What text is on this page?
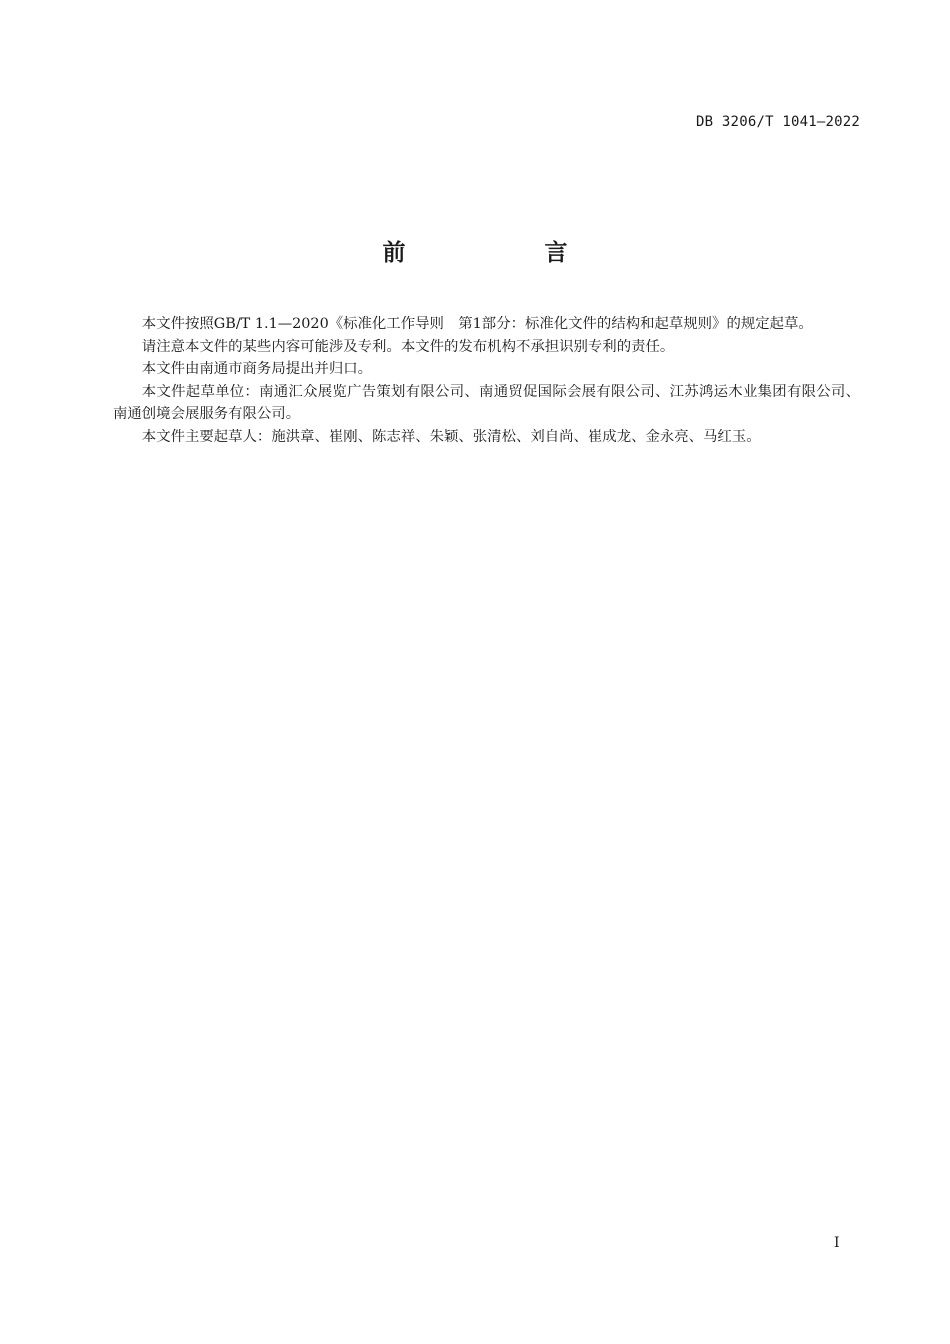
DB 3206/T 1041—2022
前　言

本文件按照GB/T 1.1—2020《标准化工作导则　第1部分：标准化文件的结构和起草规则》的规定起草。

请注意本文件的某些内容可能涉及专利。本文件的发布机构不承担识别专利的责任。

本文件由南通市商务局提出并归口。

本文件起草单位：南通汇众展览广告策划有限公司、南通贸促国际会展有限公司、江苏鸿运木业集团有限公司、南通创境会展服务有限公司。

本文件主要起草人：施洪章、崔刚、陈志祥、朱颖、张清松、刘自尚、崔成龙、金永亮、马红玉。

I
